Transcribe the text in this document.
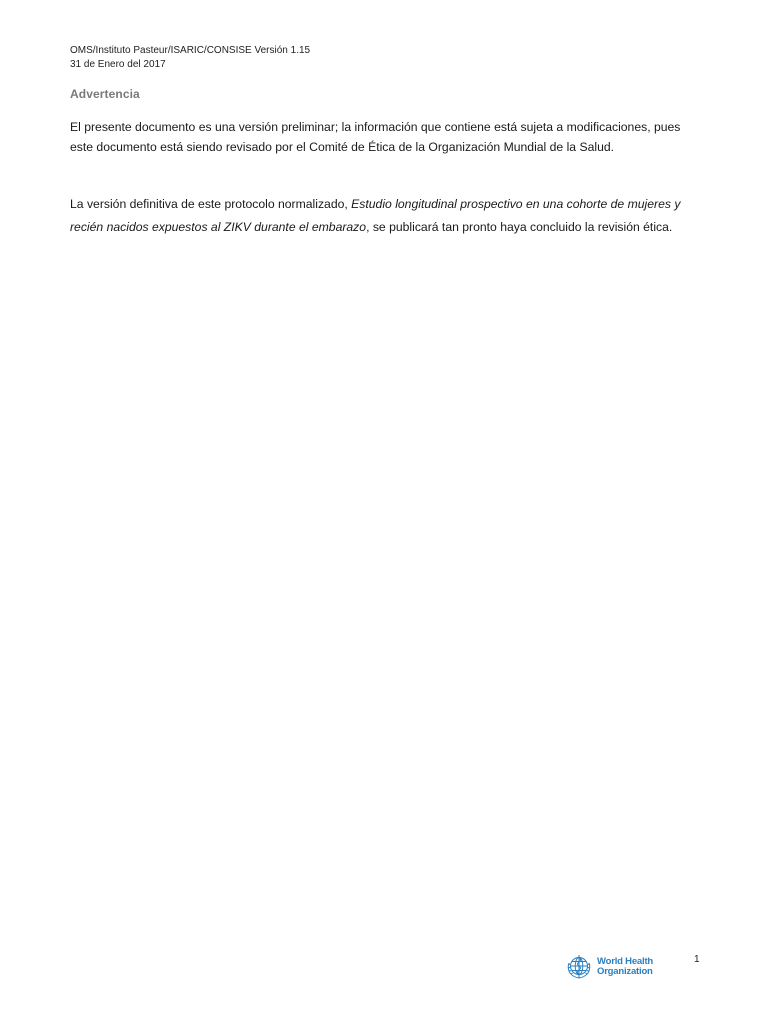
OMS/Instituto Pasteur/ISARIC/CONSISE Versión 1.15
31 de Enero del 2017
Advertencia

El presente documento es una versión preliminar; la información que contiene está sujeta a modificaciones, pues este documento está siendo revisado por el Comité de Ética de la Organización Mundial de la Salud.

La versión definitiva de este protocolo normalizado, Estudio longitudinal prospectivo en una cohorte de mujeres y recién nacidos expuestos al ZIKV durante el embarazo, se publicará tan pronto haya concluido la revisión ética.

World Health
Organization
1
